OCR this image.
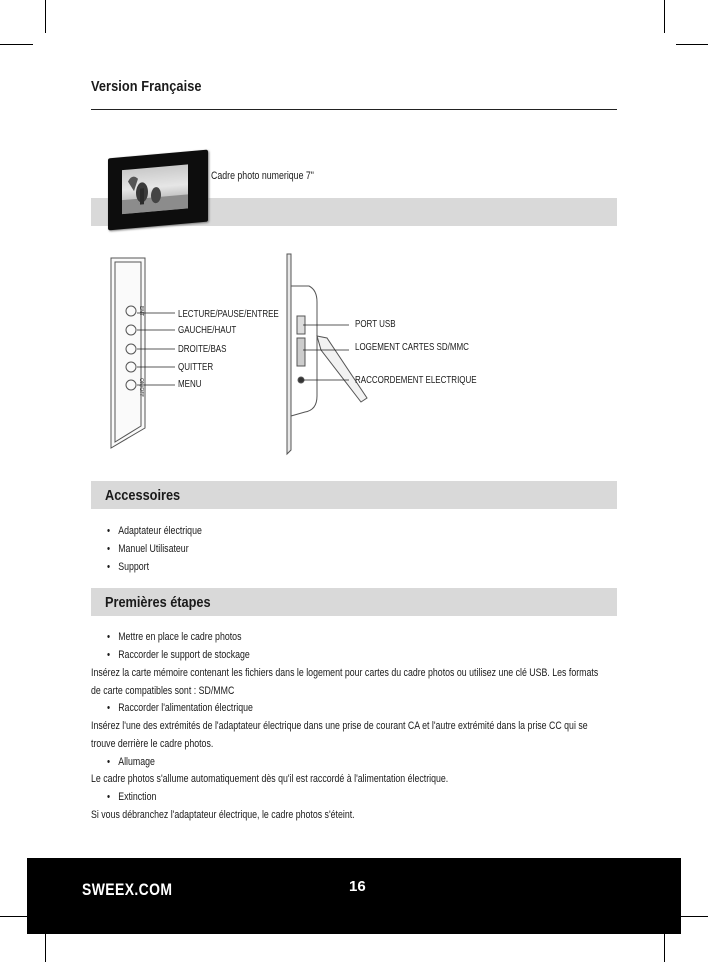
Version Française
Cadre photo numerique 7"
ENT
ON/OFF
LECTURE/PAUSE/ENTREE
GAUCHE/HAUT
DROITE/BAS
QUITTER
MENU
PORT USB
LOGEMENT CARTES SD/MMC
RACCORDEMENT ELECTRIQUE
Accessoires
• Adaptateur électrique
• Manuel Utilisateur
• Support
Premières étapes
• Mettre en place le cadre photos
• Raccorder le support de stockage
Insérez la carte mémoire contenant les fichiers dans le logement pour cartes du cadre photos ou utilisez une clé USB. Les formats
de carte compatibles sont : SD/MMC
• Raccorder l'alimentation électrique
Insérez l'une des extrémités de l'adaptateur électrique dans une prise de courant CA et l'autre extrémité dans la prise CC qui se
trouve derrière le cadre photos.
• Allumage
Le cadre photos s'allume automatiquement dès qu'il est raccordé à l'alimentation électrique.
• Extinction
Si vous débranchez l'adaptateur électrique, le cadre photos s'éteint.
SWEEX.COM	16
